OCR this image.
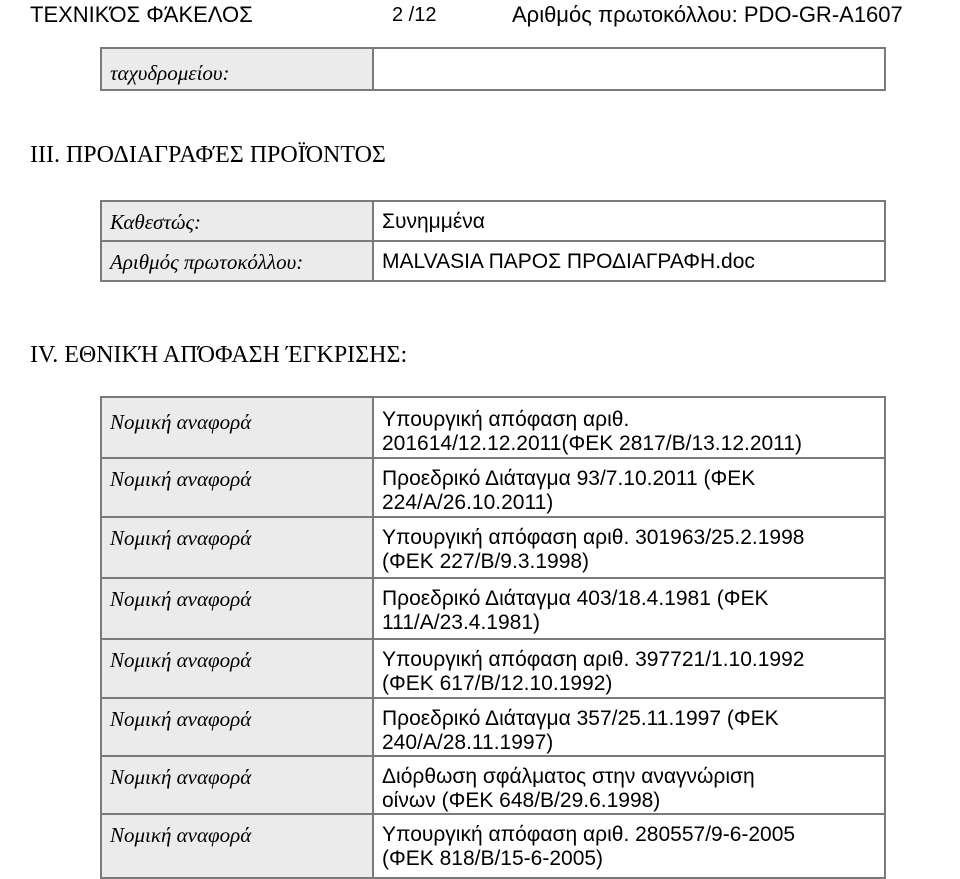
ΤΕΧΝΙΚΌΣ ΦΆΚΕΛΟΣ	2 /12	Αριθμός πρωτοκόλλου: PDO-GR-A1607
ταχυδρομείου:

III. ΠΡΟΔΙΑΓΡΑΦΈΣ ΠΡΟΪΌΝΤΟΣ
Καθεστώς:	Συνημμένα

Αριθμός πρωτοκόλλου:	MALVASIA ΠΑΡΟΣ ΠΡΟΔΙΑΓΡΑΦΗ.doc
IV. ΕΘΝΙΚΉ ΑΠΌΦΑΣΗ ΈΓΚΡΙΣΗΣ:
Νομική αναφορά	Υπουργική απόφαση αριθ.
201614/12.12.2011(ΦΕΚ 2817/Β/13.12.2011)

Νομική αναφορά	Προεδρικό Διάταγμα 93/7.10.2011 (ΦΕΚ
224/Α/26.10.2011)

Νομική αναφορά	Υπουργική απόφαση αριθ. 301963/25.2.1998
(ΦΕΚ 227/Β/9.3.1998)

Νομική αναφορά	Προεδρικό Διάταγμα 403/18.4.1981 (ΦΕΚ
111/Α/23.4.1981)

Νομική αναφορά	Υπουργική απόφαση αριθ. 397721/1.10.1992
(ΦΕΚ 617/Β/12.10.1992)

Νομική αναφορά	Προεδρικό Διάταγμα 357/25.11.1997 (ΦΕΚ
240/Α/28.11.1997)

Νομική αναφορά	Διόρθωση σφάλματος στην αναγνώριση
οίνων (ΦΕΚ 648/Β/29.6.1998)

Νομική αναφορά	Υπουργική απόφαση αριθ. 280557/9-6-2005
(ΦΕΚ 818/Β/15-6-2005)
